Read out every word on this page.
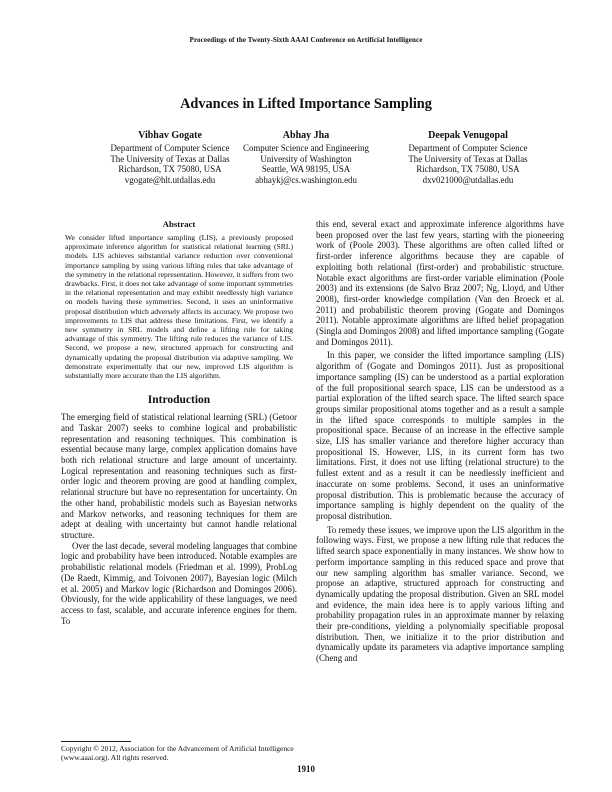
Proceedings of the Twenty-Sixth AAAI Conference on Artificial Intelligence
Advances in Lifted Importance Sampling
Vibhav Gogate
Department of Computer Science
The University of Texas at Dallas
Richardson, TX 75080, USA
vgogate@hlt.utdallas.edu
Abhay Jha
Computer Science and Engineering
University of Washington
Seattle, WA 98195, USA
abhaykj@cs.washington.edu
Deepak Venugopal
Department of Computer Science
The University of Texas at Dallas
Richardson, TX 75080, USA
dxv021000@utdallas.edu
Abstract

We consider lifted importance sampling (LIS), a previously proposed approximate inference algorithm for statistical relational learning (SRL) models. LIS achieves substantial variance reduction over conventional importance sampling by using various lifting rules that take advantage of the symmetry in the relational representation. However, it suffers from two drawbacks. First, it does not take advantage of some important symmetries in the relational representation and may exhibit needlessly high variance on models having these symmetries. Second, it uses an uninformative proposal distribution which adversely affects its accuracy. We propose two improvements to LIS that address these limitations. First, we identify a new symmetry in SRL models and define a lifting rule for taking advantage of this symmetry. The lifting rule reduces the variance of LIS. Second, we propose a new, structured approach for constructing and dynamically updating the proposal distribution via adaptive sampling. We demonstrate experimentally that our new, improved LIS algorithm is substantially more accurate than the LIS algorithm.

Introduction

The emerging field of statistical relational learning (SRL) (Getoor and Taskar 2007) seeks to combine logical and probabilistic representation and reasoning techniques. This combination is essential because many large, complex application domains have both rich relational structure and large amount of uncertainty. Logical representation and reasoning techniques such as first-order logic and theorem proving are good at handling complex, relational structure but have no representation for uncertainty. On the other hand, probabilistic models such as Bayesian networks and Markov networks, and reasoning techniques for them are adept at dealing with uncertainty but cannot handle relational structure.

Over the last decade, several modeling languages that combine logic and probability have been introduced. Notable examples are probabilistic relational models (Friedman et al. 1999), ProbLog (De Raedt, Kimmig, and Toivonen 2007), Bayesian logic (Milch et al. 2005) and Markov logic (Richardson and Domingos 2006). Obviously, for the wide applicability of these languages, we need access to fast, scalable, and accurate inference engines for them. To

this end, several exact and approximate inference algorithms have been proposed over the last few years, starting with the pioneering work of (Poole 2003). These algorithms are often called lifted or first-order inference algorithms because they are capable of exploiting both relational (first-order) and probabilistic structure. Notable exact algorithms are first-order variable elimination (Poole 2003) and its extensions (de Salvo Braz 2007; Ng, Lloyd, and Uther 2008), first-order knowledge compilation (Van den Broeck et al. 2011) and probabilistic theorem proving (Gogate and Domingos 2011). Notable approximate algorithms are lifted belief propagation (Singla and Domingos 2008) and lifted importance sampling (Gogate and Domingos 2011).

In this paper, we consider the lifted importance sampling (LIS) algorithm of (Gogate and Domingos 2011). Just as propositional importance sampling (IS) can be understood as a partial exploration of the full propositional search space, LIS can be understood as a partial exploration of the lifted search space. The lifted search space groups similar propositional atoms together and as a result a sample in the lifted space corresponds to multiple samples in the propositional space. Because of an increase in the effective sample size, LIS has smaller variance and therefore higher accuracy than propositional IS. However, LIS, in its current form has two limitations. First, it does not use lifting (relational structure) to the fullest extent and as a result it can be needlessly inefficient and inaccurate on some problems. Second, it uses an uninformative proposal distribution. This is problematic because the accuracy of importance sampling is highly dependent on the quality of the proposal distribution.

To remedy these issues, we improve upon the LIS algorithm in the following ways. First, we propose a new lifting rule that reduces the lifted search space exponentially in many instances. We show how to perform importance sampling in this reduced space and prove that our new sampling algorithm has smaller variance. Second, we propose an adaptive, structured approach for constructing and dynamically updating the proposal distribution. Given an SRL model and evidence, the main idea here is to apply various lifting and probability propagation rules in an approximate manner by relaxing their pre-conditions, yielding a polynomially specifiable proposal distribution. Then, we initialize it to the prior distribution and dynamically update its parameters via adaptive importance sampling (Cheng and

Copyright © 2012, Association for the Advancement of Artificial Intelligence (www.aaai.org). All rights reserved.
1910
